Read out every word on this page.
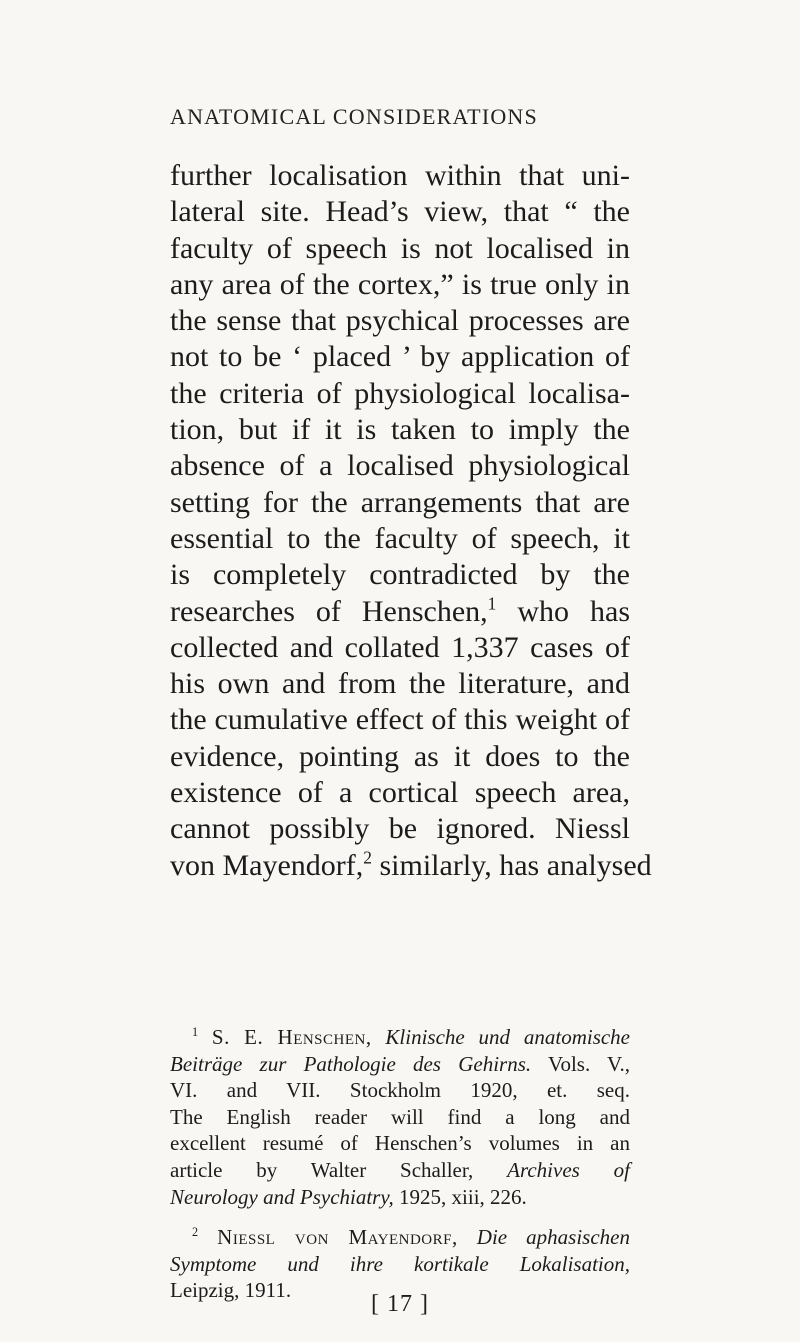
ANATOMICAL CONSIDERATIONS
further localisation within that uni-
lateral site. Head’s view, that “ the
faculty of speech is not localised in
any area of the cortex,” is true only in
the sense that psychical processes are
not to be ‘ placed ’ by application of
the criteria of physiological localisa-
tion, but if it is taken to imply the
absence of a localised physiological
setting for the arrangements that are
essential to the faculty of speech, it
is completely contradicted by the
researches of Henschen,$^1$ who has
collected and collated 1,337 cases of
his own and from the literature, and
the cumulative effect of this weight of
evidence, pointing as it does to the
existence of a cortical speech area,
cannot possibly be ignored. Niessl
von Mayendorf,$^2$ similarly, has analysed
$^1$ S. E. Henschen, Klinische und anatomische
Beiträge zur Pathologie des Gehirns. Vols. V.,
VI. and VII. Stockholm 1920, et. seq.
The English reader will find a long and
excellent resumé of Henschen’s volumes in an
article by Walter Schaller, Archives of
Neurology and Psychiatry, 1925, xiii, 226.
$^2$ Niessl von Mayendorf, Die aphasischen
Symptome und ihre kortikale Lokalisation,
Leipzig, 1911.
[ 17 ]
